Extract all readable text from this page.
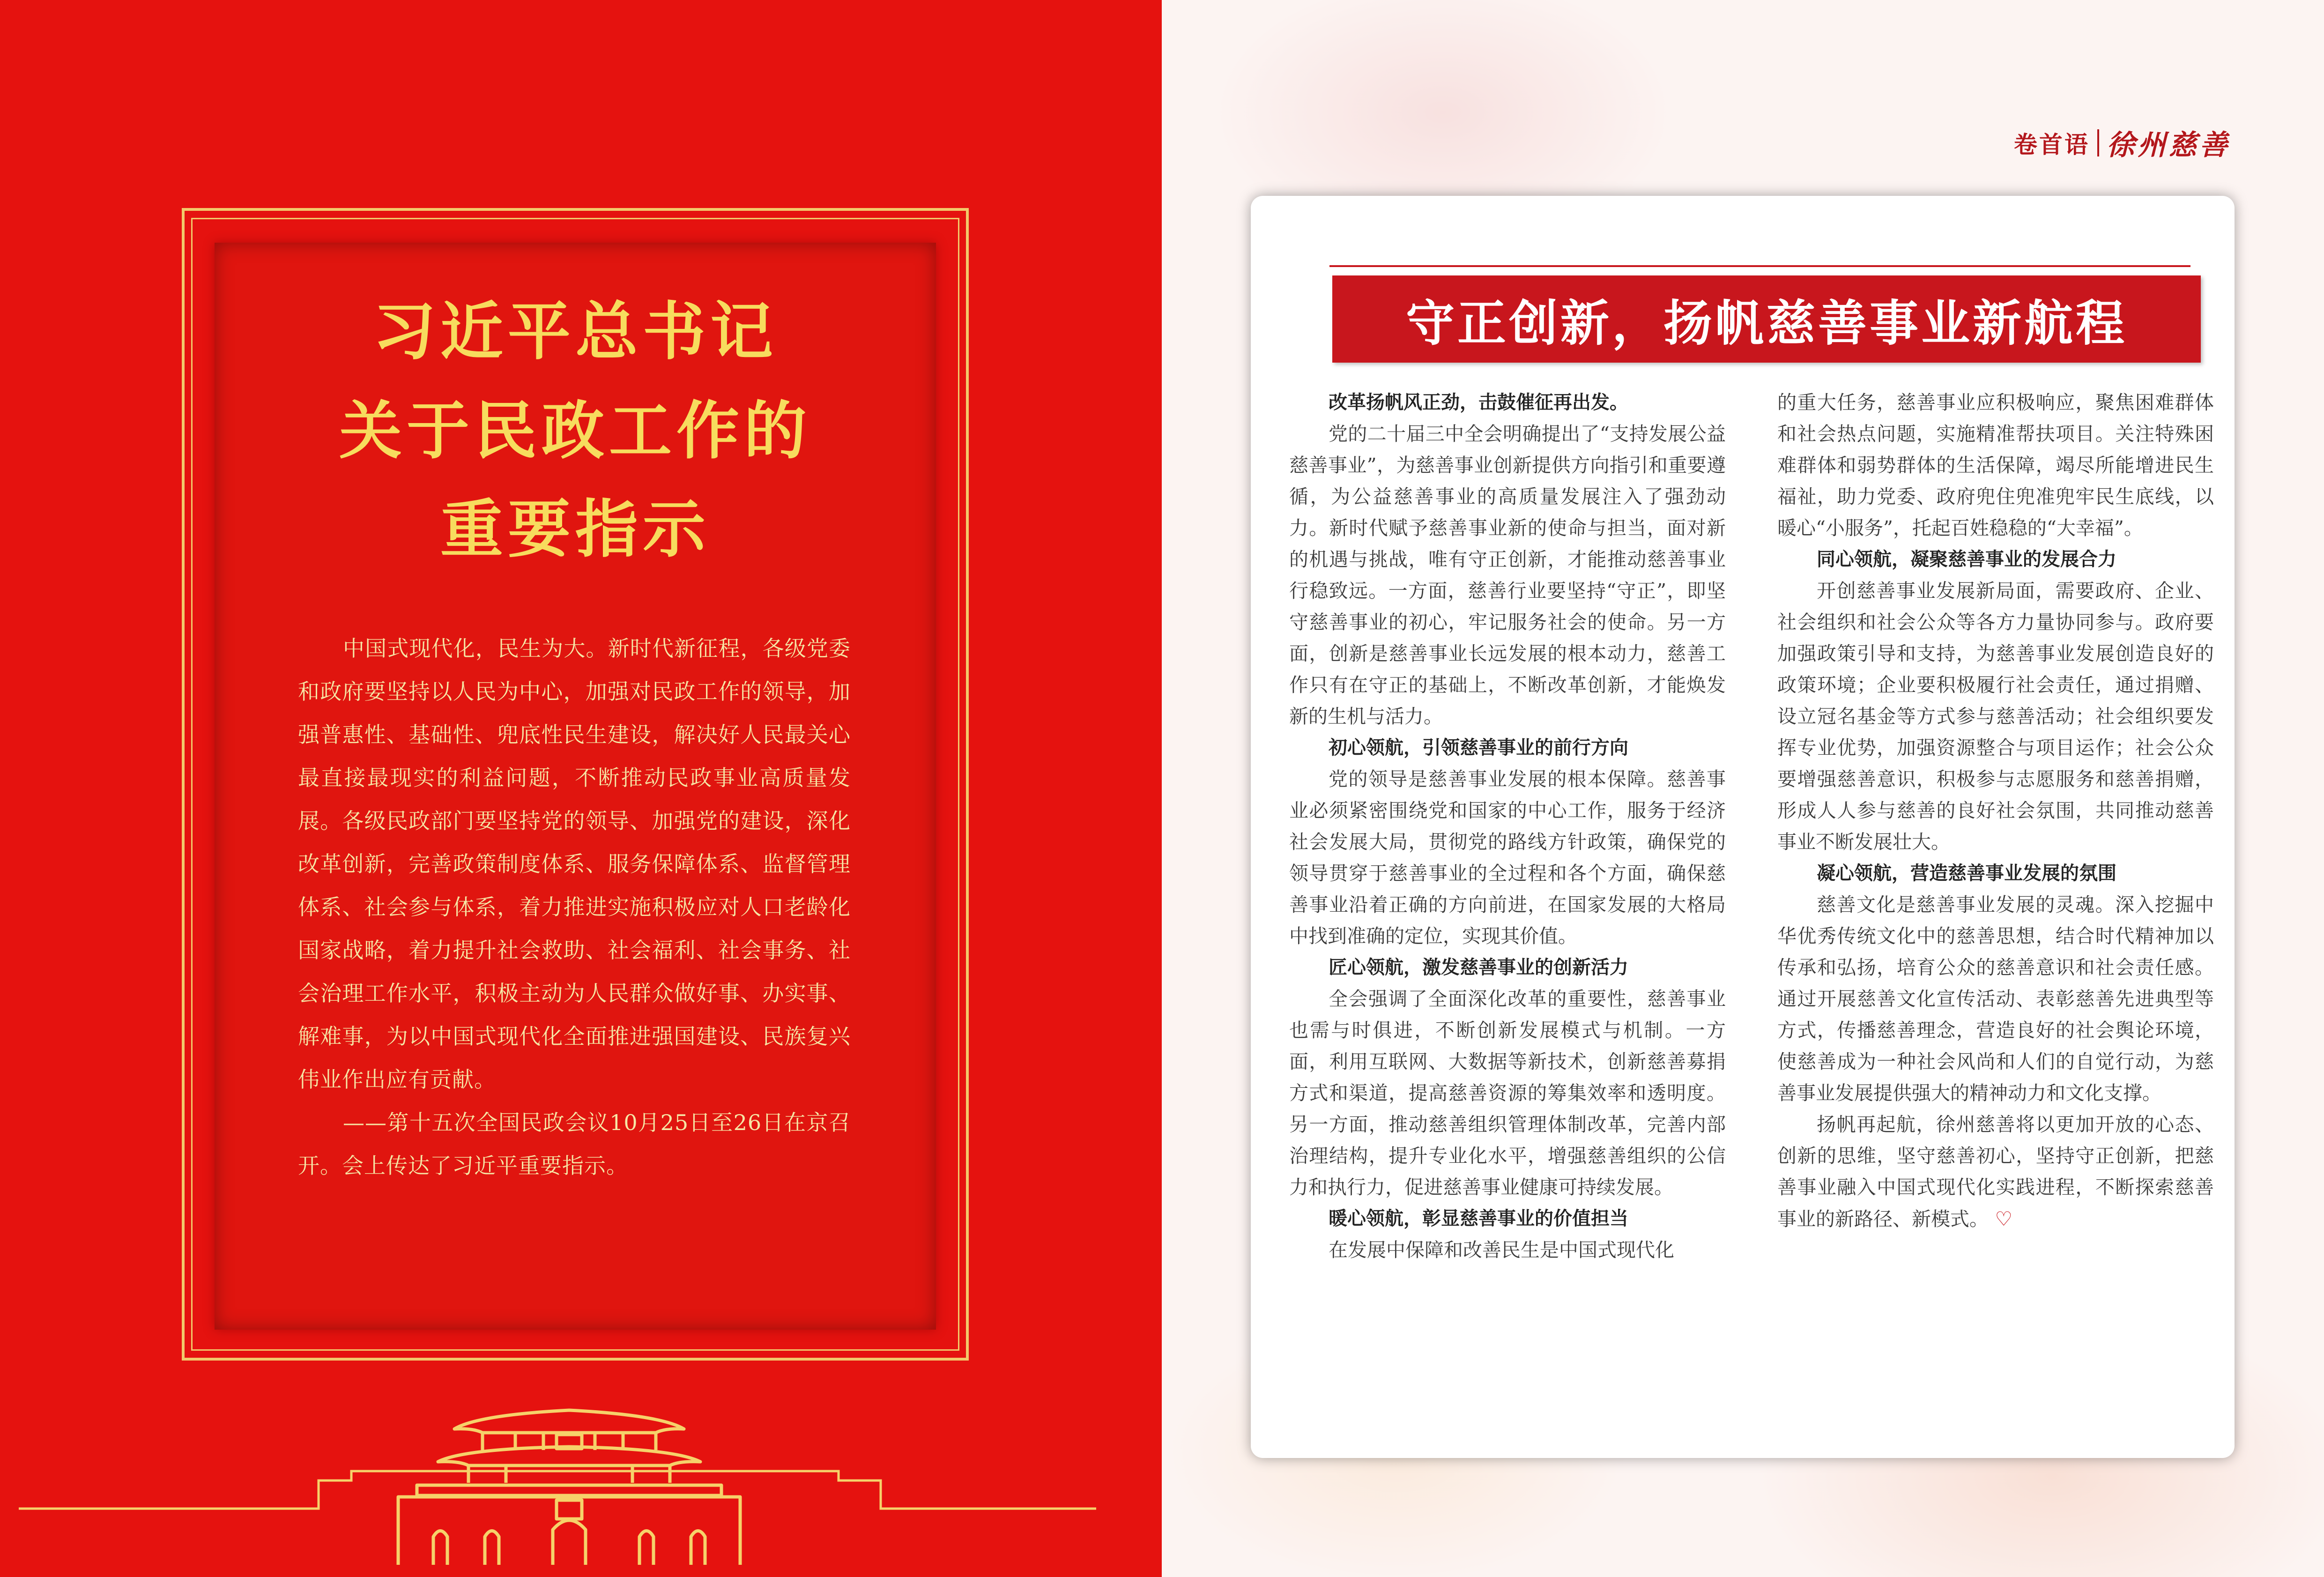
习近平总书记
关于民政工作的
重要指示

中国式现代化，民生为大。新时代新征程，各级党委和政府要坚持以人民为中心，加强对民政工作的领导，加强普惠性、基础性、兜底性民生建设，解决好人民最关心最直接最现实的利益问题，不断推动民政事业高质量发展。各级民政部门要坚持党的领导、加强党的建设，深化改革创新，完善政策制度体系、服务保障体系、监督管理体系、社会参与体系，着力推进实施积极应对人口老龄化国家战略，着力提升社会救助、社会福利、社会事务、社会治理工作水平，积极主动为人民群众做好事、办实事、解难事，为以中国式现代化全面推进强国建设、民族复兴伟业作出应有贡献。

——第十五次全国民政会议10月25日至26日在京召开。会上传达了习近平重要指示。

卷首语 徐州慈善
守正创新，扬帆慈善事业新航程

改革扬帆风正劲，击鼓催征再出发。

党的二十届三中全会明确提出了“支持发展公益慈善事业”，为慈善事业创新提供方向指引和重要遵循，为公益慈善事业的高质量发展注入了强劲动力。新时代赋予慈善事业新的使命与担当，面对新的机遇与挑战，唯有守正创新，才能推动慈善事业行稳致远。一方面，慈善行业要坚持“守正”，即坚守慈善事业的初心，牢记服务社会的使命。另一方面，创新是慈善事业长远发展的根本动力，慈善工作只有在守正的基础上，不断改革创新，才能焕发新的生机与活力。

初心领航，引领慈善事业的前行方向

党的领导是慈善事业发展的根本保障。慈善事业必须紧密围绕党和国家的中心工作，服务于经济社会发展大局，贯彻党的路线方针政策，确保党的领导贯穿于慈善事业的全过程和各个方面，确保慈善事业沿着正确的方向前进，在国家发展的大格局中找到准确的定位，实现其价值。

匠心领航，激发慈善事业的创新活力

全会强调了全面深化改革的重要性，慈善事业也需与时俱进，不断创新发展模式与机制。一方面，利用互联网、大数据等新技术，创新慈善募捐方式和渠道，提高慈善资源的筹集效率和透明度。另一方面，推动慈善组织管理体制改革，完善内部治理结构，提升专业化水平，增强慈善组织的公信力和执行力，促进慈善事业健康可持续发展。

暖心领航，彰显慈善事业的价值担当

在发展中保障和改善民生是中国式现代化

的重大任务，慈善事业应积极响应，聚焦困难群体和社会热点问题，实施精准帮扶项目。关注特殊困难群体和弱势群体的生活保障，竭尽所能增进民生福祉，助力党委、政府兜住兜准兜牢民生底线，以暖心“小服务”，托起百姓稳稳的“大幸福”。

同心领航，凝聚慈善事业的发展合力

开创慈善事业发展新局面，需要政府、企业、社会组织和社会公众等各方力量协同参与。政府要加强政策引导和支持，为慈善事业发展创造良好的政策环境；企业要积极履行社会责任，通过捐赠、设立冠名基金等方式参与慈善活动；社会组织要发挥专业优势，加强资源整合与项目运作；社会公众要增强慈善意识，积极参与志愿服务和慈善捐赠，形成人人参与慈善的良好社会氛围，共同推动慈善事业不断发展壮大。

凝心领航，营造慈善事业发展的氛围

慈善文化是慈善事业发展的灵魂。深入挖掘中华优秀传统文化中的慈善思想，结合时代精神加以传承和弘扬，培育公众的慈善意识和社会责任感。通过开展慈善文化宣传活动、表彰慈善先进典型等方式，传播慈善理念，营造良好的社会舆论环境，使慈善成为一种社会风尚和人们的自觉行动，为慈善事业发展提供强大的精神动力和文化支撑。

扬帆再起航，徐州慈善将以更加开放的心态、创新的思维，坚守慈善初心，坚持守正创新，把慈善事业融入中国式现代化实践进程，不断探索慈善事业的新路径、新模式。 ♡
